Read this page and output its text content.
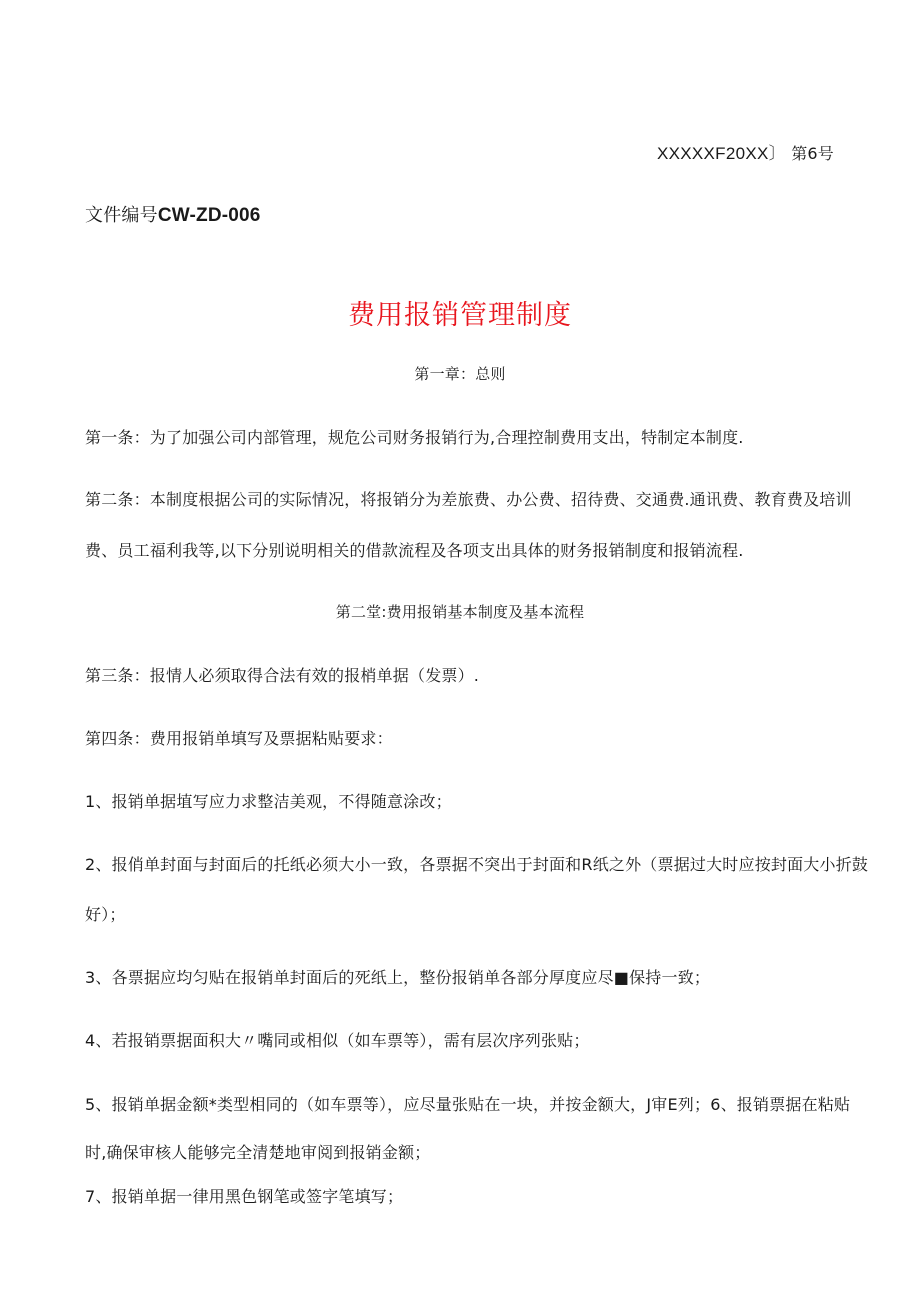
XXXXXF20XX〕 第6号
文件编号CW-ZD-006
费用报销管理制度
第一章：总则
第一条：为了加强公司内部管理，规危公司财务报销行为,合理控制费用支出，特制定本制度.
第二条：本制度根据公司的实际情况，将报销分为差旅费、办公费、招待费、交通费.通讯费、教育费及培训
费、员工福利我等,以下分别说明相关的借款流程及各项支出具体的财务报销制度和报销流程.
第二堂:费用报销基本制度及基本流程
第三条：报情人必须取得合法有效的报梢单据（发票）.
第四条：费用报销单填写及票据粘贴要求：
1、报销单据埴写应力求整洁美观，不得随意涂改；
2、报俏单封面与封面后的托纸必须大小一致，各票据不突出于封面和R纸之外（票据过大时应按封面大小折鼓
好）；
3、各票据应均匀贴在报销单封面后的死纸上，整份报销单各部分厚度应尽■保持一致；
4、若报销票据面积大〃嘴同或相似（如车票等），需有层次序列张贴；
5、报销单据金额*类型相同的（如车票等），应尽量张贴在一块，并按金额大，J审E列；6、报销票据在粘贴
时,确保审核人能够完全清楚地审阅到报销金额；
7、报销单据一律用黑色钢笔或签字笔填写；
